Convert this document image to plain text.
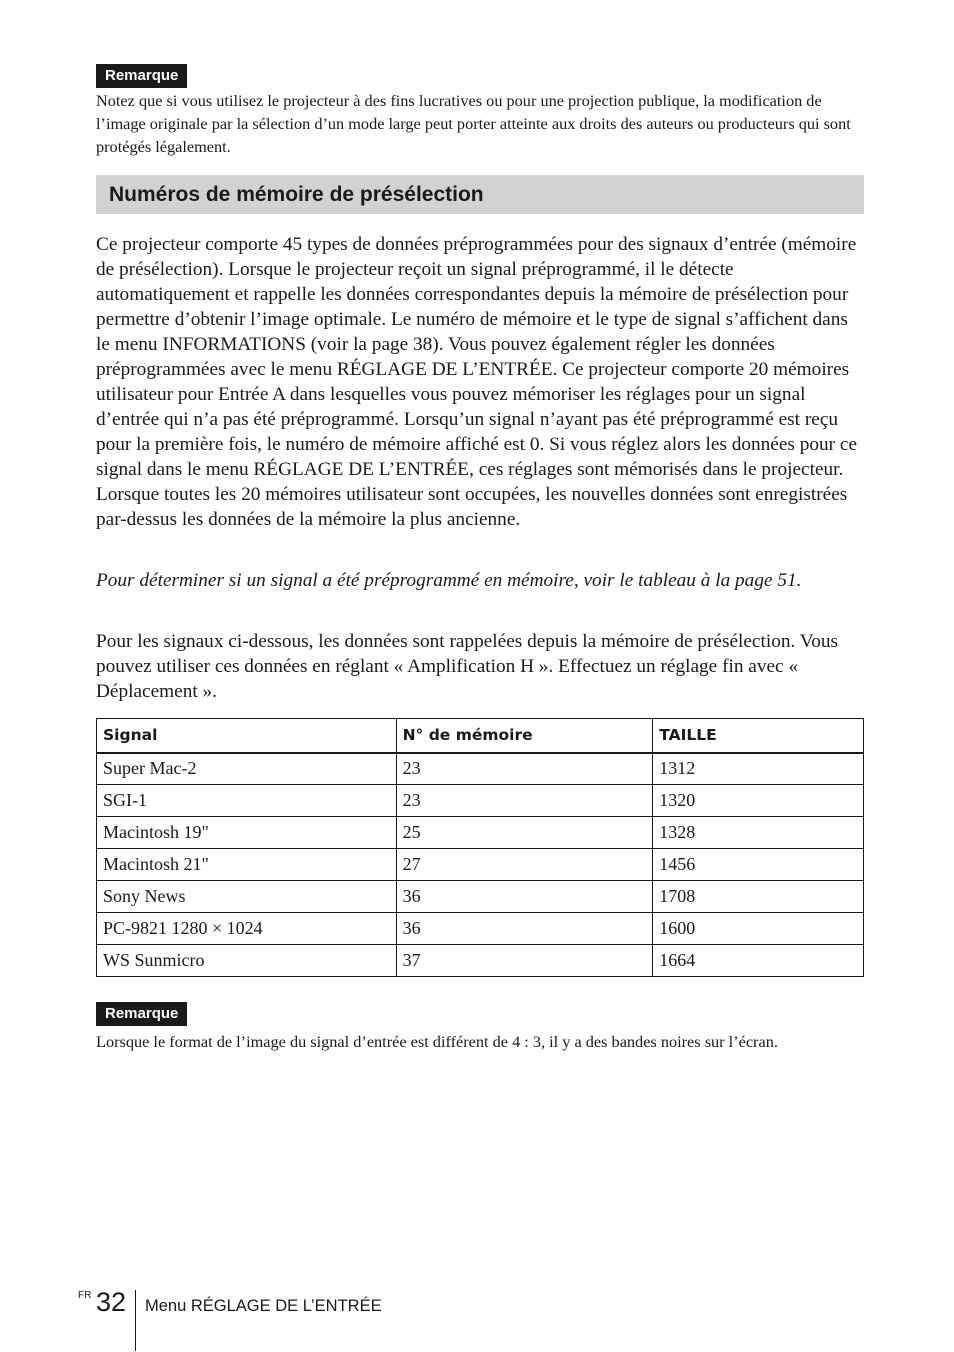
Remarque

Notez que si vous utilisez le projecteur à des fins lucratives ou pour une projection publique, la modification de l’image originale par la sélection d’un mode large peut porter atteinte aux droits des auteurs ou producteurs qui sont protégés légalement.

Numéros de mémoire de présélection

Ce projecteur comporte 45 types de données préprogrammées pour des signaux d’entrée (mémoire de présélection). Lorsque le projecteur reçoit un signal préprogrammé, il le détecte automatiquement et rappelle les données correspondantes depuis la mémoire de présélection pour permettre d’obtenir l’image optimale. Le numéro de mémoire et le type de signal s’affichent dans le menu INFORMATIONS (voir la page 38). Vous pouvez également régler les données préprogrammées avec le menu RÉGLAGE DE L’ENTRÉE. Ce projecteur comporte 20 mémoires utilisateur pour Entrée A dans lesquelles vous pouvez mémoriser les réglages pour un signal d’entrée qui n’a pas été préprogrammé. Lorsqu’un signal n’ayant pas été préprogrammé est reçu pour la première fois, le numéro de mémoire affiché est 0. Si vous réglez alors les données pour ce signal dans le menu RÉGLAGE DE L’ENTRÉE, ces réglages sont mémorisés dans le projecteur. Lorsque toutes les 20 mémoires utilisateur sont occupées, les nouvelles données sont enregistrées par-dessus les données de la mémoire la plus ancienne.

Pour déterminer si un signal a été préprogrammé en mémoire, voir le tableau à la page 51.

Pour les signaux ci-dessous, les données sont rappelées depuis la mémoire de présélection. Vous pouvez utiliser ces données en réglant « Amplification H ». Effectuez un réglage fin avec « Déplacement ».

Signal	N° de mémoire	TAILLE
Super Mac-2	23	1312
SGI-1	23	1320
Macintosh 19"	25	1328
Macintosh 21"	27	1456
Sony News	36	1708
PC-9821 1280 × 1024	36	1600
WS Sunmicro	37	1664
Remarque

Lorsque le format de l’image du signal d’entrée est différent de 4 : 3, il y a des bandes noires sur l’écran.

FR 32 Menu RÉGLAGE DE L’ENTRÉE
